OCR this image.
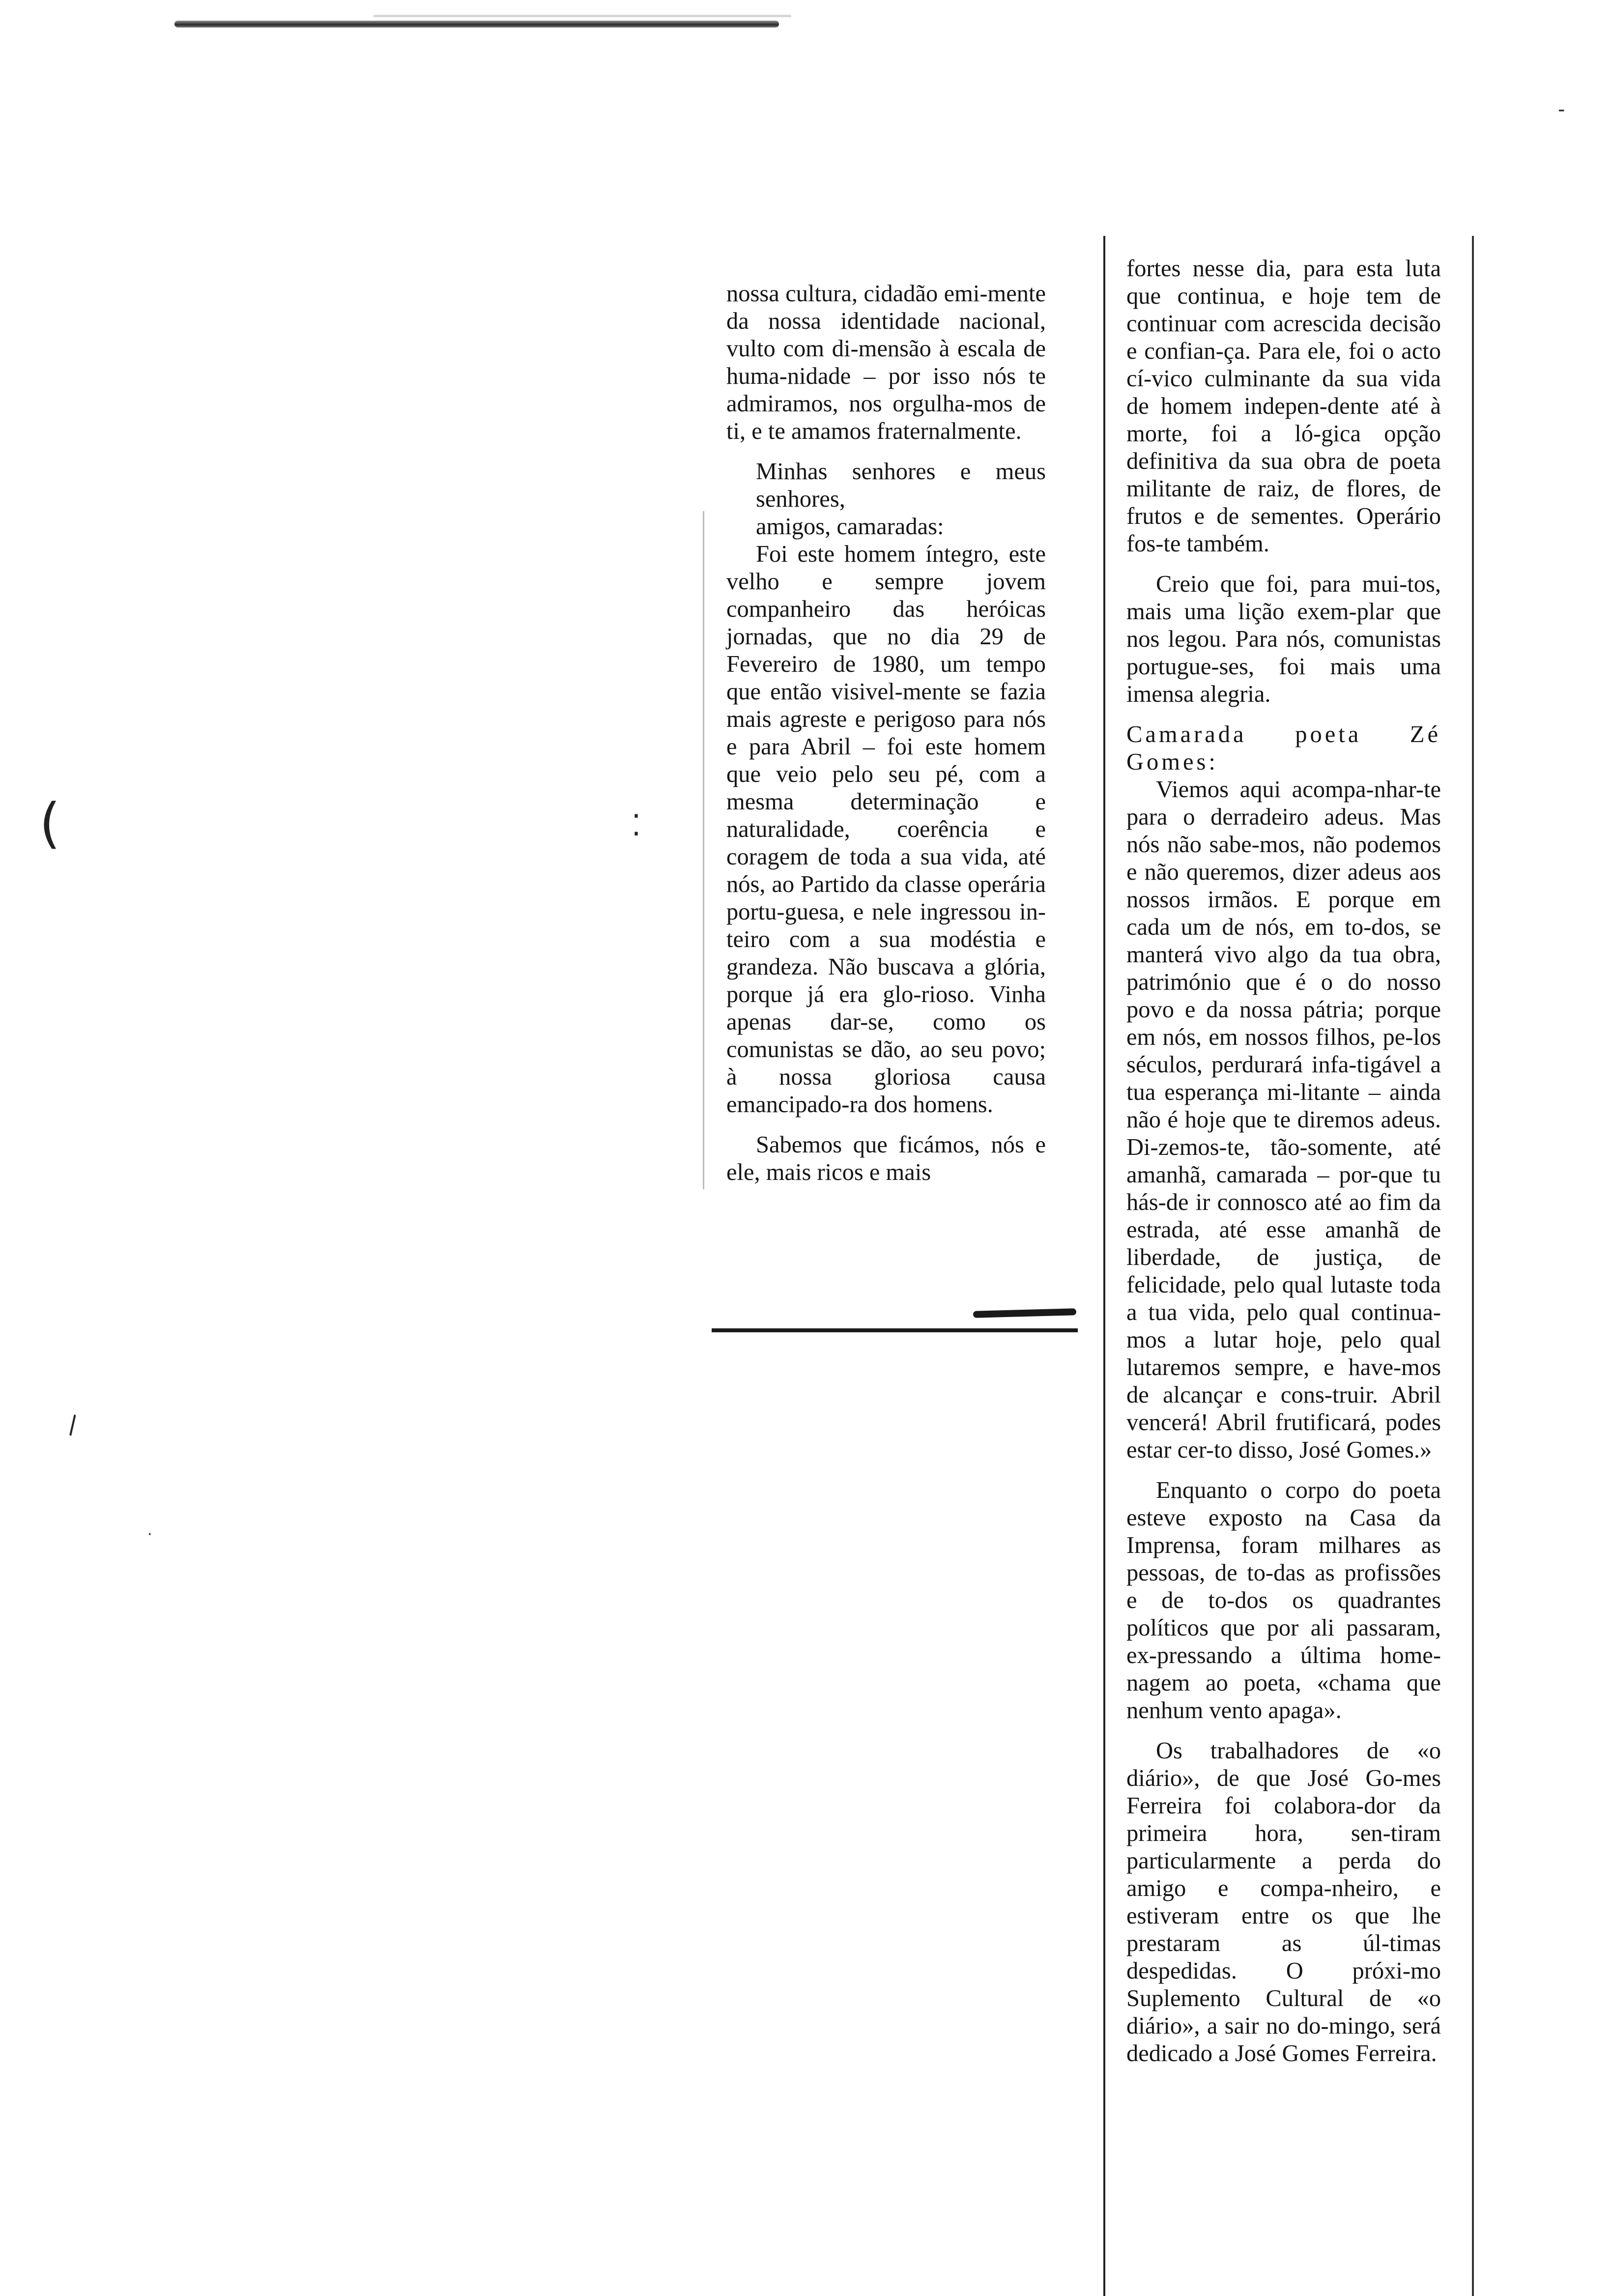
nossa cultura, cidadão emi-mente da nossa identidade nacional, vulto com di-mensão à escala de huma-nidade – por isso nós te admiramos, nos orgulha-mos de ti, e te amamos fraternalmente.

Minhas senhores e meus senhores,

amigos, camaradas:

Foi este homem íntegro, este velho e sempre jovem companheiro das heróicas jornadas, que no dia 29 de Fevereiro de 1980, um tempo que então visivel-mente se fazia mais agreste e perigoso para nós e para Abril – foi este homem que veio pelo seu pé, com a mesma determinação e naturalidade, coerência e coragem de toda a sua vida, até nós, ao Partido da classe operária portu-guesa, e nele ingressou in-teiro com a sua modéstia e grandeza. Não buscava a glória, porque já era glo-rioso. Vinha apenas dar-se, como os comunistas se dão, ao seu povo; à nossa gloriosa causa emancipado-ra dos homens.

Sabemos que ficámos, nós e ele, mais ricos e mais

fortes nesse dia, para esta luta que continua, e hoje tem de continuar com acrescida decisão e confian-ça. Para ele, foi o acto cí-vico culminante da sua vida de homem indepen-dente até à morte, foi a ló-gica opção definitiva da sua obra de poeta militante de raiz, de flores, de frutos e de sementes. Operário fos-te também.

Creio que foi, para mui-tos, mais uma lição exem-plar que nos legou. Para nós, comunistas portugue-ses, foi mais uma imensa alegria.

Camarada poeta Zé Gomes:

Viemos aqui acompa-nhar-te para o derradeiro adeus. Mas nós não sabe-mos, não podemos e não queremos, dizer adeus aos nossos irmãos. E porque em cada um de nós, em to-dos, se manterá vivo algo da tua obra, património que é o do nosso povo e da nossa pátria; porque em nós, em nossos filhos, pe-los séculos, perdurará infa-tigável a tua esperança mi-litante – ainda não é hoje que te diremos adeus. Di-zemos-te, tão-somente, até amanhã, camarada – por-que tu hás-de ir connosco até ao fim da estrada, até esse amanhã de liberdade, de justiça, de felicidade, pelo qual lutaste toda a tua vida, pelo qual continua-mos a lutar hoje, pelo qual lutaremos sempre, e have-mos de alcançar e cons-truir. Abril vencerá! Abril frutificará, podes estar cer-to disso, José Gomes.»

Enquanto o corpo do poeta esteve exposto na Casa da Imprensa, foram milhares as pessoas, de to-das as profissões e de to-dos os quadrantes políticos que por ali passaram, ex-pressando a última home-nagem ao poeta, «chama que nenhum vento apaga».

Os trabalhadores de «o diário», de que José Go-mes Ferreira foi colabora-dor da primeira hora, sen-tiram particularmente a perda do amigo e compa-nheiro, e estiveram entre os que lhe prestaram as úl-timas despedidas. O próxi-mo Suplemento Cultural de «o diário», a sair no do-mingo, será dedicado a José Gomes Ferreira.

(	⁚
\
·
-
